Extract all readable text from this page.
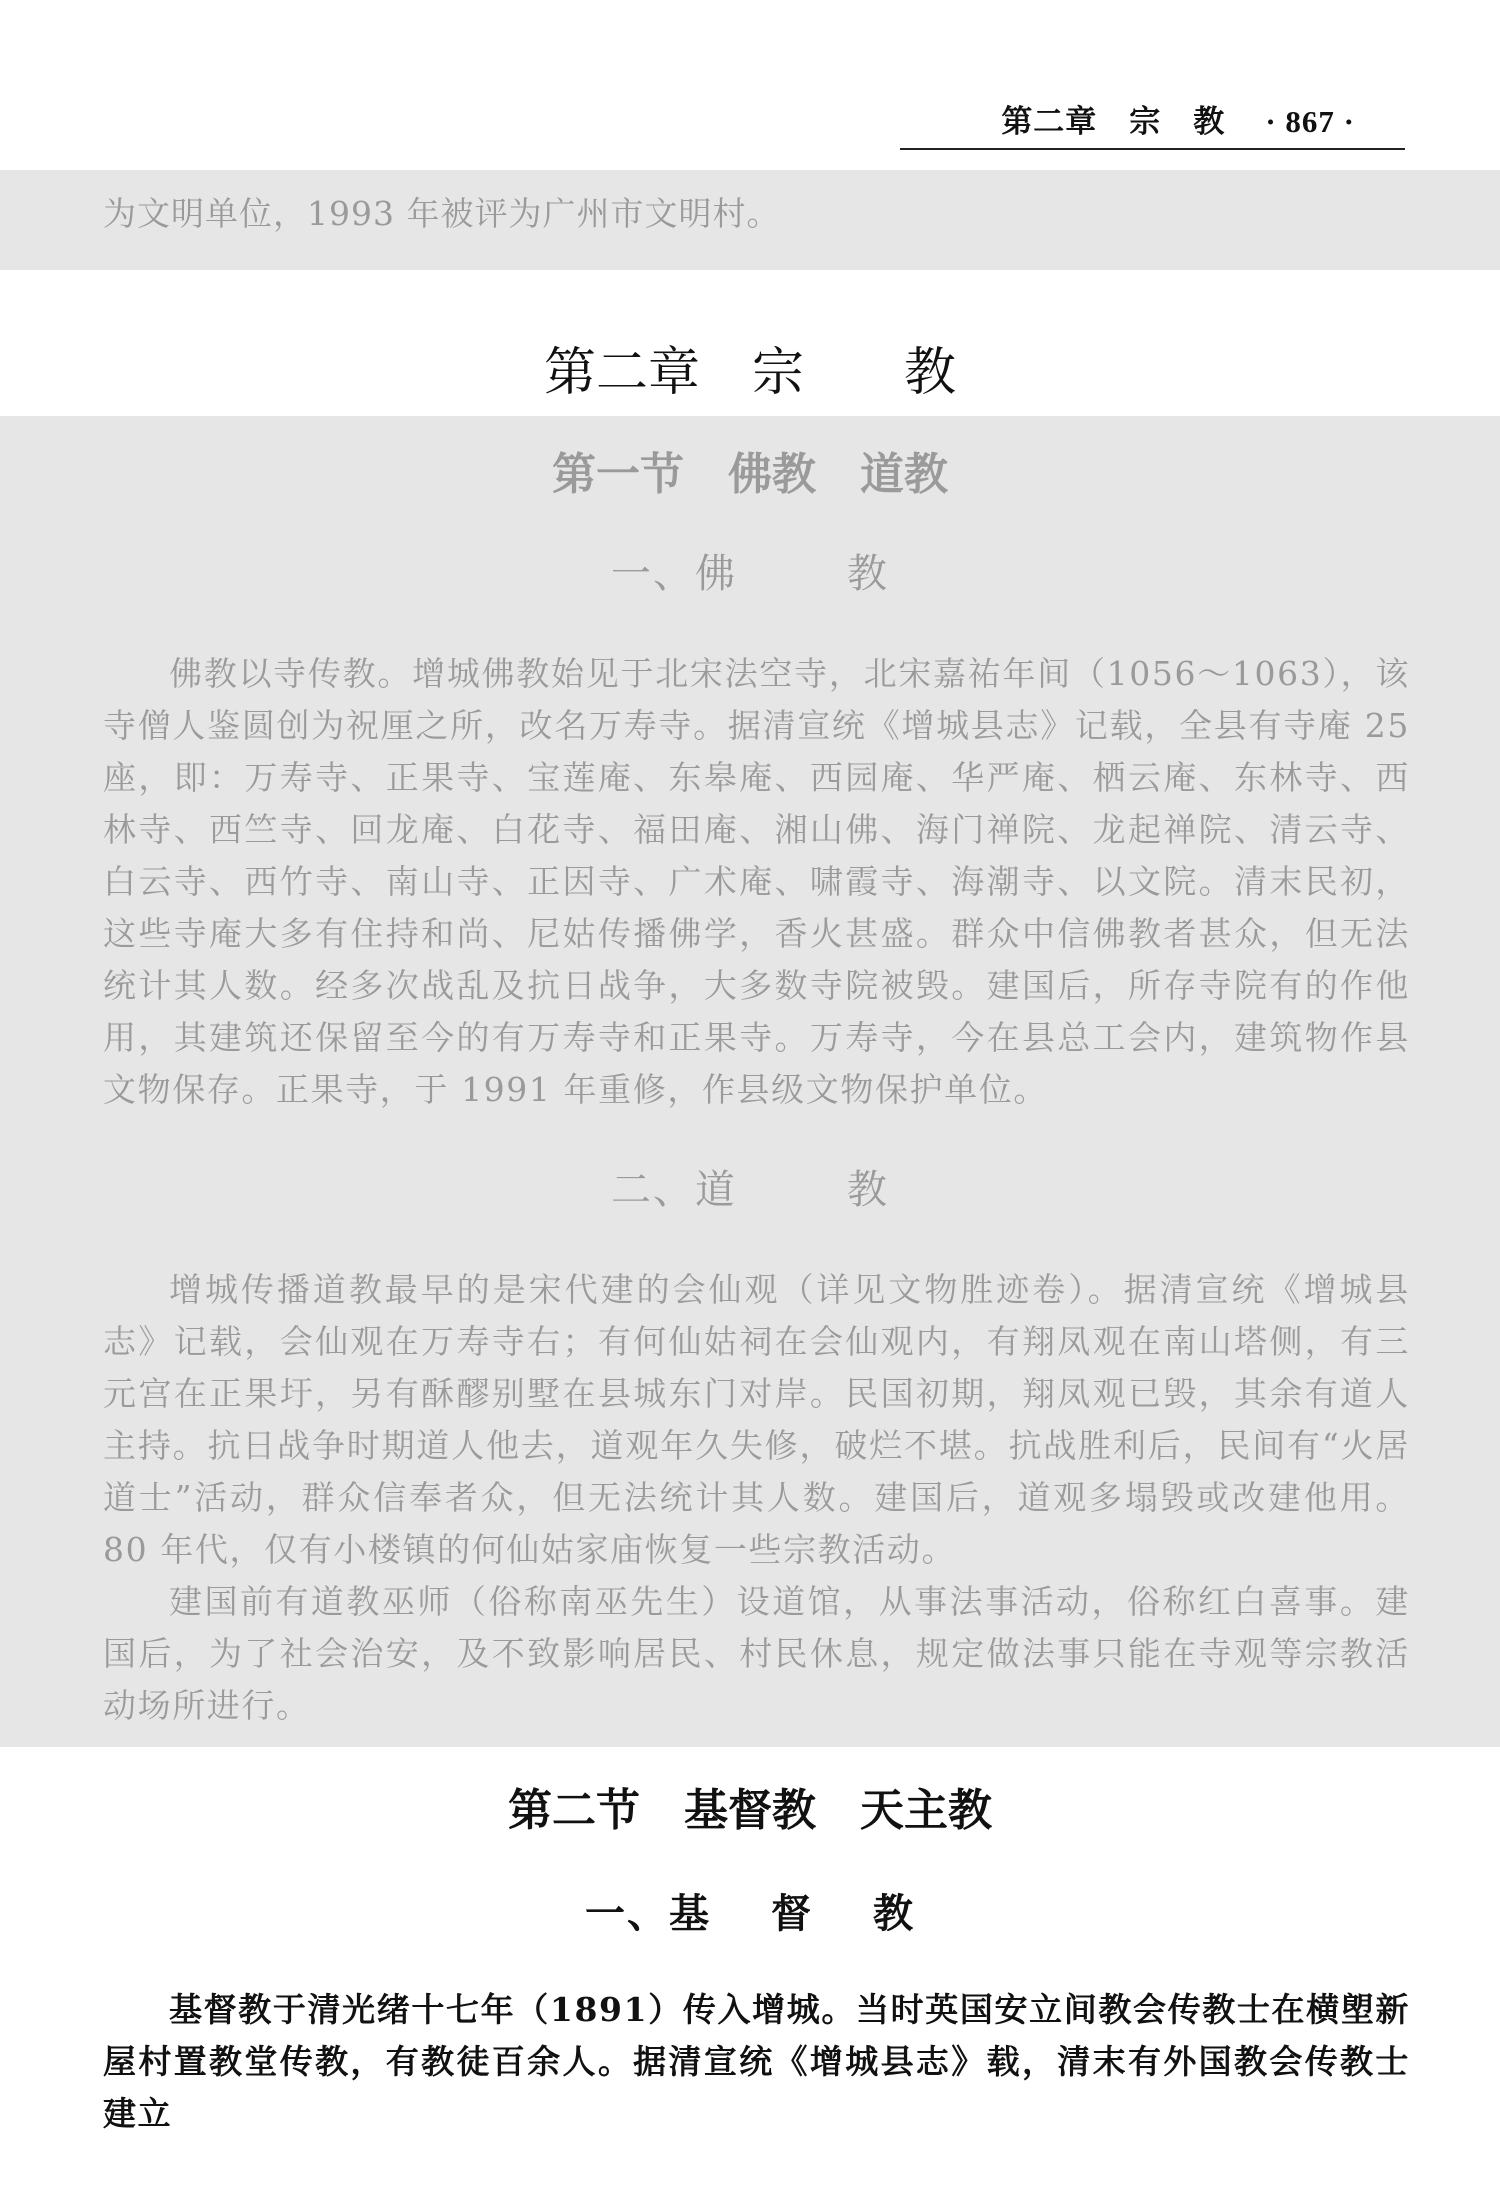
第二章　宗　教 · 867 ·
为文明单位，1993 年被评为广州市文明村。
第二章　宗 教
第一节　佛教　道教
一、佛	教

佛教以寺传教。增城佛教始见于北宋法空寺，北宋嘉祐年间（1056～1063），该寺僧人鉴圆创为祝厘之所，改名万寿寺。据清宣统《增城县志》记载，全县有寺庵 25 座，即：万寿寺、正果寺、宝莲庵、东皋庵、西园庵、华严庵、栖云庵、东林寺、西林寺、西竺寺、回龙庵、白花寺、福田庵、湘山佛、海门禅院、龙起禅院、清云寺、白云寺、西竹寺、南山寺、正因寺、广术庵、啸霞寺、海潮寺、以文院。清末民初，这些寺庵大多有住持和尚、尼姑传播佛学，香火甚盛。群众中信佛教者甚众，但无法统计其人数。经多次战乱及抗日战争，大多数寺院被毁。建国后，所存寺院有的作他用，其建筑还保留至今的有万寿寺和正果寺。万寿寺，今在县总工会内，建筑物作县文物保存。正果寺，于 1991 年重修，作县级文物保护单位。

二、道	教

增城传播道教最早的是宋代建的会仙观（详见文物胜迹卷）。据清宣统《增城县志》记载，会仙观在万寿寺右；有何仙姑祠在会仙观内，有翔凤观在南山塔侧，有三元宫在正果圩，另有酥醪别墅在县城东门对岸。民国初期，翔凤观已毁，其余有道人主持。抗日战争时期道人他去，道观年久失修，破烂不堪。抗战胜利后，民间有“火居道士”活动，群众信奉者众，但无法统计其人数。建国后，道观多塌毁或改建他用。80 年代，仅有小楼镇的何仙姑家庙恢复一些宗教活动。

建国前有道教巫师（俗称南巫先生）设道馆，从事法事活动，俗称红白喜事。建国后，为了社会治安，及不致影响居民、村民休息，规定做法事只能在寺观等宗教活动场所进行。

第二节　基督教　天主教
一、基 督 教

基督教于清光绪十七年（1891）传入增城。当时英国安立间教会传教士在横塱新屋村置教堂传教，有教徒百余人。据清宣统《增城县志》载，清末有外国教会传教士建立
